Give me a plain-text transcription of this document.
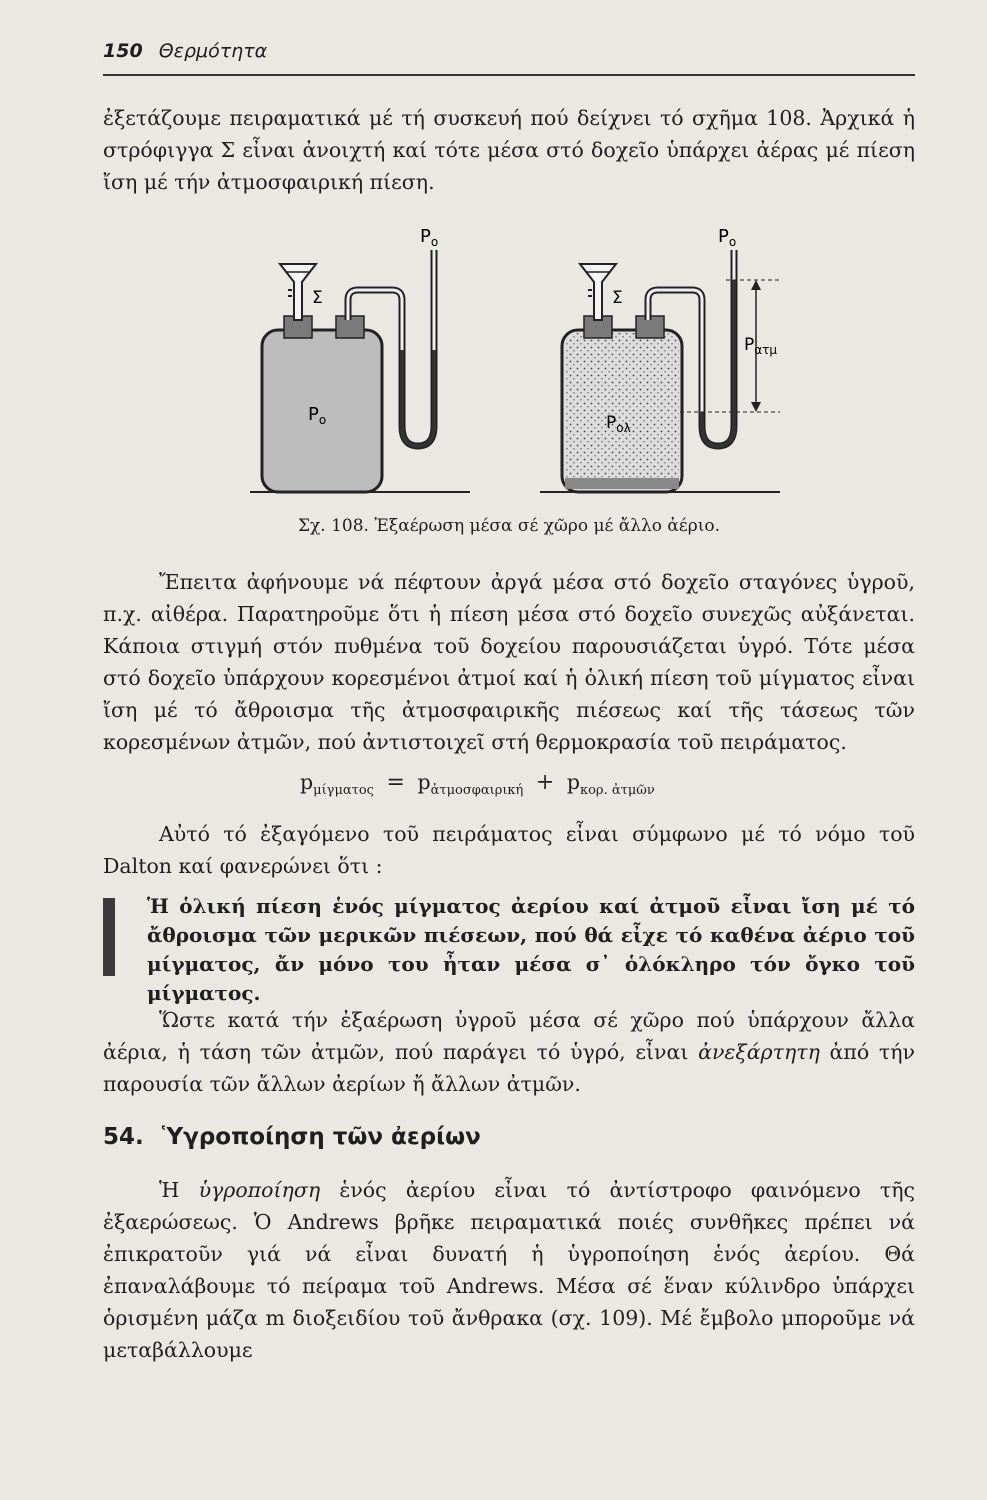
150 Θερμότητα

ἐξετάζουμε πειραματικά μέ τή συσκευή πού δείχνει τό σχῆμα 108. Ἀρχικά ἡ στρόφιγγα Σ εἶναι ἀνοιχτή καί τότε μέσα στό δοχεῖο ὑπάρχει ἀέρας μέ πίεση ἴση μέ τήν ἀτμοσφαιρική πίεση.

Σ
$P_o$
$P_o$
Σ
$P_o$
$P_{o\lambda}$
$P_{\alpha\tau\mu}$
Σχ. 108. Ἐξαέρωση μέσα σέ χῶρο μέ ἄλλο ἀέριο.

Ἔπειτα ἀφήνουμε νά πέφτουν ἀργά μέσα στό δοχεῖο σταγόνες ὑγροῦ, π.χ. αἰθέρα. Παρατηροῦμε ὅτι ἡ πίεση μέσα στό δοχεῖο συνεχῶς αὐξάνεται. Κάποια στιγμή στόν πυθμένα τοῦ δοχείου παρουσιάζεται ὑγρό. Τότε μέσα στό δοχεῖο ὑπάρχουν κορεσμένοι ἀτμοί καί ἡ ὁλική πίεση τοῦ μίγματος εἶναι ἴση μέ τό ἄθροισμα τῆς ἀτμοσφαιρικῆς πιέσεως καί τῆς τάσεως τῶν κορεσμένων ἀτμῶν, πού ἀντιστοιχεῖ στή θερμοκρασία τοῦ πειράματος.

$p_{\mu ί\gamma\mu\alpha\tau o\varsigma} = p_{ἀ\tau\mu o\sigma\varphi\alpha\iota\rho\iota\kappa ή} + p_{\kappa o\rho. ἀ\tau\mu ῶ\nu}$

Αὐτό τό ἐξαγόμενο τοῦ πειράματος εἶναι σύμφωνο μέ τό νόμο τοῦ Dalton καί φανερώνει ὅτι :

Ἡ ὁλική πίεση ἑνός μίγματος ἀερίου καί ἀτμοῦ εἶναι ἴση μέ τό ἄθροισμα τῶν μερικῶν πιέσεων, πού θά εἶχε τό καθένα ἀέριο τοῦ μίγματος, ἄν μόνο του ἦταν μέσα σ᾽ ὁλόκληρο τόν ὄγκο τοῦ μίγματος.

Ὥστε κατά τήν ἐξαέρωση ὑγροῦ μέσα σέ χῶρο πού ὑπάρχουν ἄλλα ἀέρια, ἡ τάση τῶν ἀτμῶν, πού παράγει τό ὑγρό, εἶναι ἀνεξάρτητη ἀπό τήν παρουσία τῶν ἄλλων ἀερίων ἤ ἄλλων ἀτμῶν.

54. Ὑγροποίηση τῶν ἀερίων

Ἡ ὑγροποίηση ἑνός ἀερίου εἶναι τό ἀντίστροφο φαινόμενο τῆς ἐξαερώσεως. Ὁ Andrews βρῆκε πειραματικά ποιές συνθῆκες πρέπει νά ἐπικρατοῦν γιά νά εἶναι δυνατή ἡ ὑγροποίηση ἑνός ἀερίου. Θά ἐπαναλάβουμε τό πείραμα τοῦ Andrews. Μέσα σέ ἕναν κύλινδρο ὑπάρχει ὁρισμένη μάζα m διοξειδίου τοῦ ἄνθρακα (σχ. 109). Μέ ἔμβολο μποροῦμε νά μεταβάλλουμε
